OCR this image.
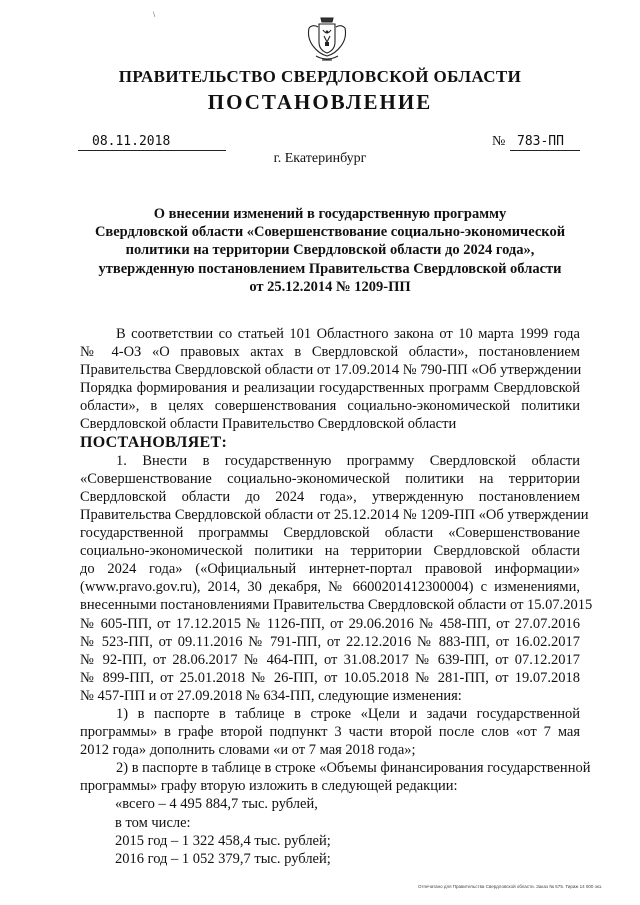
\
ПРАВИТЕЛЬСТВО СВЕРДЛОВСКОЙ ОБЛАСТИ
ПОСТАНОВЛЕНИЕ
08.11.2018	№ 783-ПП
г. Екатеринбург
О внесении изменений в государственную программу
Свердловской области «Совершенствование социально-экономической
политики на территории Свердловской области до 2024 года»,
утвержденную постановлением Правительства Свердловской области
от 25.12.2014 № 1209-ПП
В соответствии со статьей 101 Областного закона от 10 марта 1999 года
№ 4-ОЗ «О правовых актах в Свердловской области», постановлением
Правительства Свердловской области от 17.09.2014 № 790-ПП «Об утверждении
Порядка формирования и реализации государственных программ Свердловской
области», в целях совершенствования социально-экономической политики
Свердловской области Правительство Свердловской области
ПОСТАНОВЛЯЕТ:
1. Внести в государственную программу Свердловской области
«Совершенствование социально-экономической политики на территории
Свердловской области до 2024 года», утвержденную постановлением
Правительства Свердловской области от 25.12.2014 № 1209-ПП «Об утверждении
государственной программы Свердловской области «Совершенствование
социально-экономической политики на территории Свердловской области
до 2024 года» («Официальный интернет-портал правовой информации»
(www.pravo.gov.ru), 2014, 30 декабря, № 6600201412300004) с изменениями,
внесенными постановлениями Правительства Свердловской области от 15.07.2015
№ 605-ПП, от 17.12.2015 № 1126-ПП, от 29.06.2016 № 458-ПП, от 27.07.2016
№ 523-ПП, от 09.11.2016 № 791-ПП, от 22.12.2016 № 883-ПП, от 16.02.2017
№ 92-ПП, от 28.06.2017 № 464-ПП, от 31.08.2017 № 639-ПП, от 07.12.2017
№ 899-ПП, от 25.01.2018 № 26-ПП, от 10.05.2018 № 281-ПП, от 19.07.2018
№ 457-ПП и от 27.09.2018 № 634-ПП, следующие изменения:
1) в паспорте в таблице в строке «Цели и задачи государственной
программы» в графе второй подпункт 3 части второй после слов «от 7 мая
2012 года» дополнить словами «и от 7 мая 2018 года»;
2) в паспорте в таблице в строке «Объемы финансирования государственной
программы» графу вторую изложить в следующей редакции:
«всего – 4 495 884,7 тыс. рублей,
в том числе:
2015 год – 1 322 458,4 тыс. рублей;
2016 год – 1 052 379,7 тыс. рублей;
Отпечатано для Правительства Свердловской области. Заказ № 575. Тираж 14 000 экз.
